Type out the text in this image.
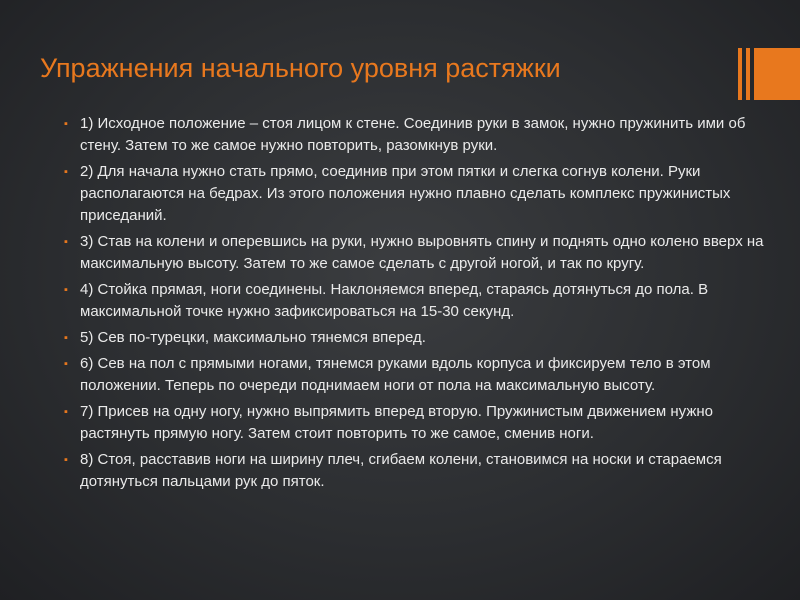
Упражнения начального уровня растяжки
▪ 1) Исходное положение – стоя лицом к стене. Соединив руки в замок, нужно пружинить ими об стену. Затем то же самое нужно повторить, разомкнув руки.
▪ 2) Для начала нужно стать прямо, соединив при этом пятки и слегка согнув колени. Руки располагаются на бедрах. Из этого положения нужно плавно сделать комплекс пружинистых приседаний.
▪ 3) Став на колени и оперевшись на руки, нужно выровнять спину и поднять одно колено вверх на максимальную высоту. Затем то же самое сделать с другой ногой, и так по кругу.
▪ 4) Стойка прямая, ноги соединены. Наклоняемся вперед, стараясь дотянуться до пола. В максимальной точке нужно зафиксироваться на 15-30 секунд.
▪ 5) Сев по-турецки, максимально тянемся вперед.
▪ 6) Сев на пол с прямыми ногами, тянемся руками вдоль корпуса и фиксируем тело в этом положении. Теперь по очереди поднимаем ноги от пола на максимальную высоту.
▪ 7) Присев на одну ногу, нужно выпрямить вперед вторую. Пружинистым движением нужно растянуть прямую ногу. Затем стоит повторить то же самое, сменив ноги.
▪ 8) Стоя, расставив ноги на ширину плеч, сгибаем колени, становимся на носки и стараемся дотянуться пальцами рук до пяток.
